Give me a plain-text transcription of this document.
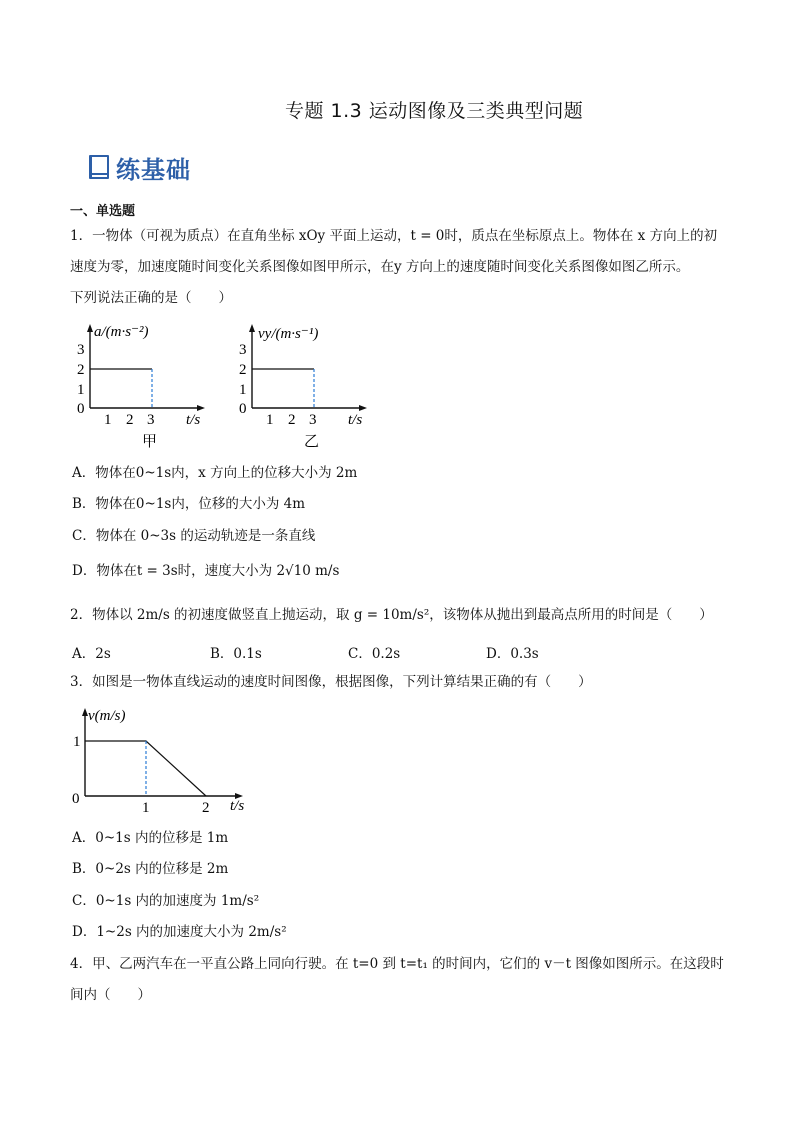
专题 1.3 运动图像及三类典型问题
练基础
一、单选题
1．一物体（可视为质点）在直角坐标 xOy 平面上运动，t = 0时，质点在坐标原点上。物体在 x 方向上的初
速度为零，加速度随时间变化关系图像如图甲所示，在y 方向上的速度随时间变化关系图像如图乙所示。
下列说法正确的是（　　）
a/(m·s⁻²)
3
2
1
0
1 2 3 t/s
甲
vy/(m·s⁻¹)
3
2
1
0
1 2 3 t/s
乙
A．物体在0~1s内，x 方向上的位移大小为 2m
B．物体在0~1s内，位移的大小为 4m
C．物体在 0~3s 的运动轨迹是一条直线
D．物体在t = 3s时，速度大小为 2√10 m/s
2．物体以 2m/s 的初速度做竖直上抛运动，取 g = 10m/s²，该物体从抛出到最高点所用的时间是（　　）
A．2s	B．0.1s	C．0.2s	D．0.3s
3．如图是一物体直线运动的速度时间图像，根据图像，下列计算结果正确的有（　　）
v(m/s)
1
0
1	2 t/s
A．0~1s 内的位移是 1m
B．0~2s 内的位移是 2m
C．0~1s 内的加速度为 1m/s²
D．1~2s 内的加速度大小为 2m/s²
4．甲、乙两汽车在一平直公路上同向行驶。在 t=0 到 t=t₁ 的时间内，它们的 v－t 图像如图所示。在这段时
间内（　　）
